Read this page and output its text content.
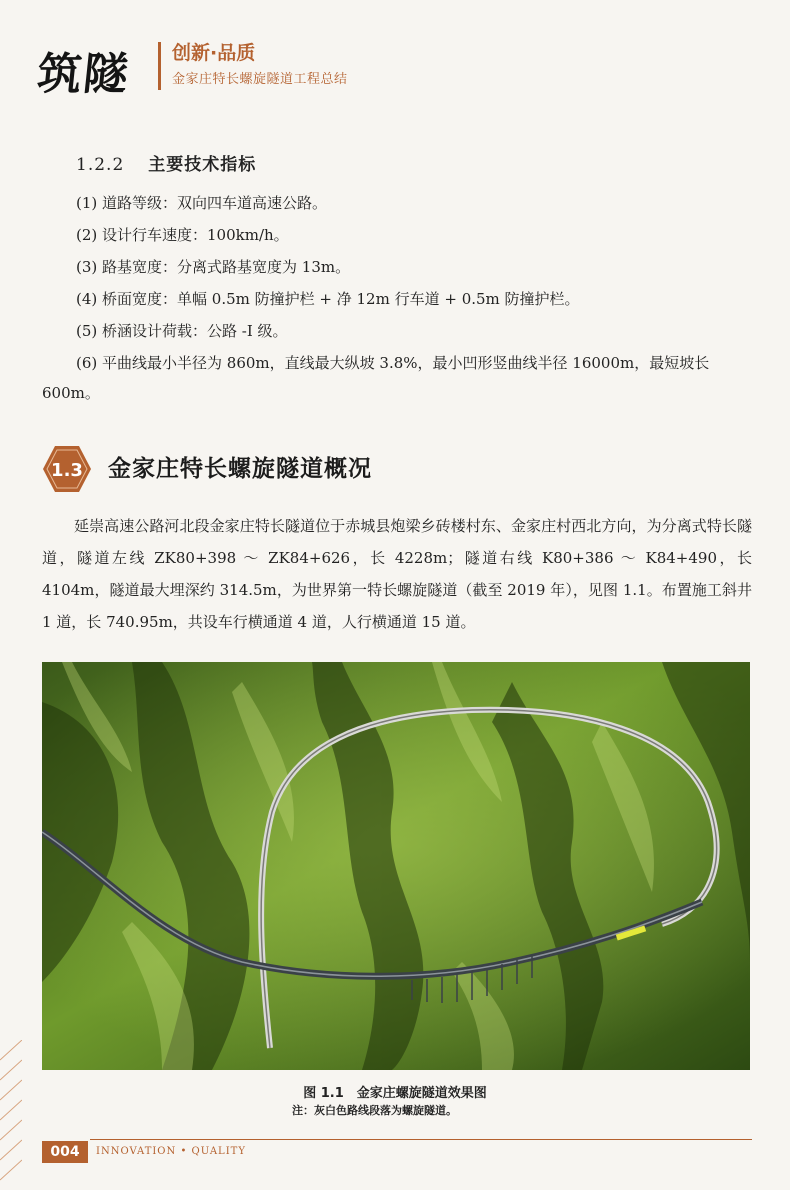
筑隧 创新·品质
金家庄特长螺旋隧道工程总结
1.2.2 主要技术指标
(1) 道路等级：双向四车道高速公路。
(2) 设计行车速度：100km/h。
(3) 路基宽度：分离式路基宽度为 13m。
(4) 桥面宽度：单幅 0.5m 防撞护栏 + 净 12m 行车道 + 0.5m 防撞护栏。
(5) 桥涵设计荷载：公路 -I 级。
(6) 平曲线最小半径为 860m，直线最大纵坡 3.8%，最小凹形竖曲线半径 16000m，最短坡长 600m。
1.3 金家庄特长螺旋隧道概况
延崇高速公路河北段金家庄特长隧道位于赤城县炮梁乡砖楼村东、金家庄村西北方向，为分离式特长隧道，隧道左线 ZK80+398 ～ ZK84+626，长 4228m；隧道右线 K80+386 ～ K84+490，长 4104m，隧道最大埋深约 314.5m，为世界第一特长螺旋隧道（截至 2019 年），见图 1.1。布置施工斜井 1 道，长 740.95m，共设车行横通道 4 道，人行横通道 15 道。
图 1.1　金家庄螺旋隧道效果图
注：灰白色路线段落为螺旋隧道。
004	INNOVATION • QUALITY
